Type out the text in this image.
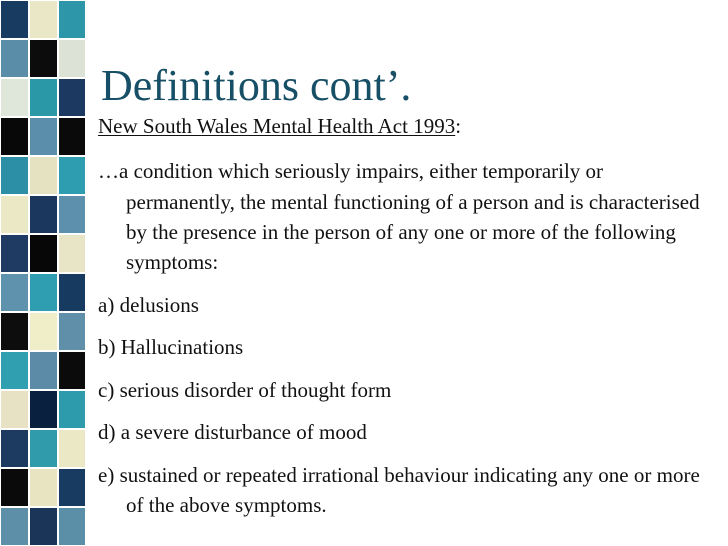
Definitions cont’.

New South Wales Mental Health Act 1993:

…a condition which seriously impairs, either temporarily or permanently, the mental functioning of a person and is characterised by the presence in the person of any one or more of the following symptoms:

a) delusions

b) Hallucinations

c) serious disorder of thought form

d) a severe disturbance of mood

e) sustained or repeated irrational behaviour indicating any one or more of the above symptoms.
